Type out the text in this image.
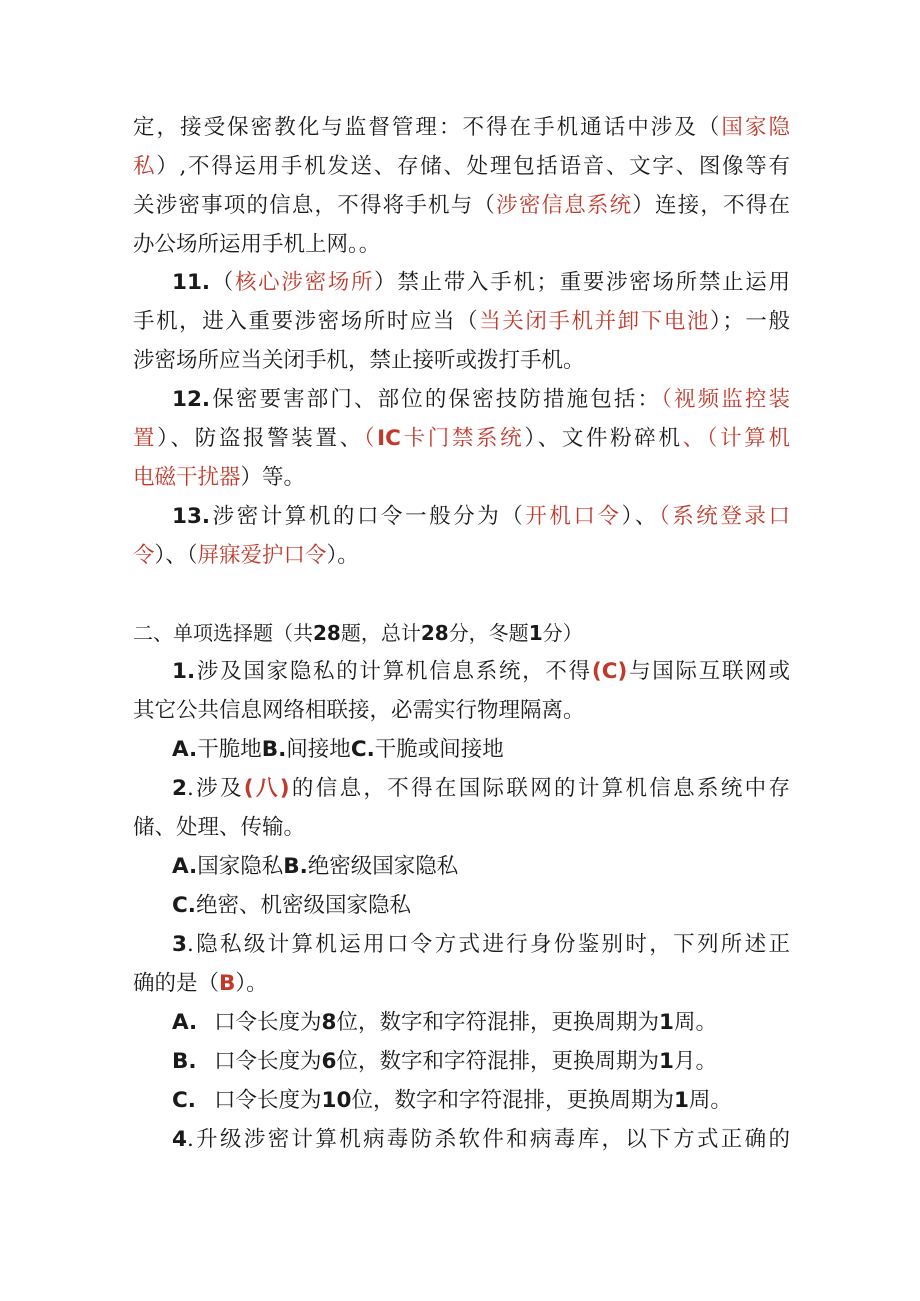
定，接受保密教化与监督管理：不得在手机通话中涉及（国家隐

私）,不得运用手机发送、存储、处理包括语音、文字、图像等有

关涉密事项的信息，不得将手机与（涉密信息系统）连接，不得在

办公场所运用手机上网。。

11.（核心涉密场所）禁止带入手机；重要涉密场所禁止运用

手机，进入重要涉密场所时应当（当关闭手机并卸下电池）；一般

涉密场所应当关闭手机，禁止接听或拨打手机。

12.保密要害部门、部位的保密技防措施包括：（视频监控装

置）、防盗报警装置、（IC卡门禁系统）、文件粉碎机、（计算机

电磁干扰器）等。

13.涉密计算机的口令一般分为（开机口令）、（系统登录口

令）、（屏寐爱护口令）。

二、单项选择题（共28题，总计28分，冬题1分）

1.涉及国家隐私的计算机信息系统，不得(C)与国际互联网或

其它公共信息网络相联接，必需实行物理隔离。

A.干脆地B.间接地C.干脆或间接地

2.涉及(八)的信息，不得在国际联网的计算机信息系统中存

储、处理、传输。

A.国家隐私B.绝密级国家隐私

C.绝密、机密级国家隐私

3.隐私级计算机运用口令方式进行身份鉴别时，下列所述正

确的是（B）。

A. 口令长度为8位，数字和字符混排，更换周期为1周。

B. 口令长度为6位，数字和字符混排，更换周期为1月。

C. 口令长度为10位，数字和字符混排，更换周期为1周。

4.升级涉密计算机病毒防杀软件和病毒库，以下方式正确的
